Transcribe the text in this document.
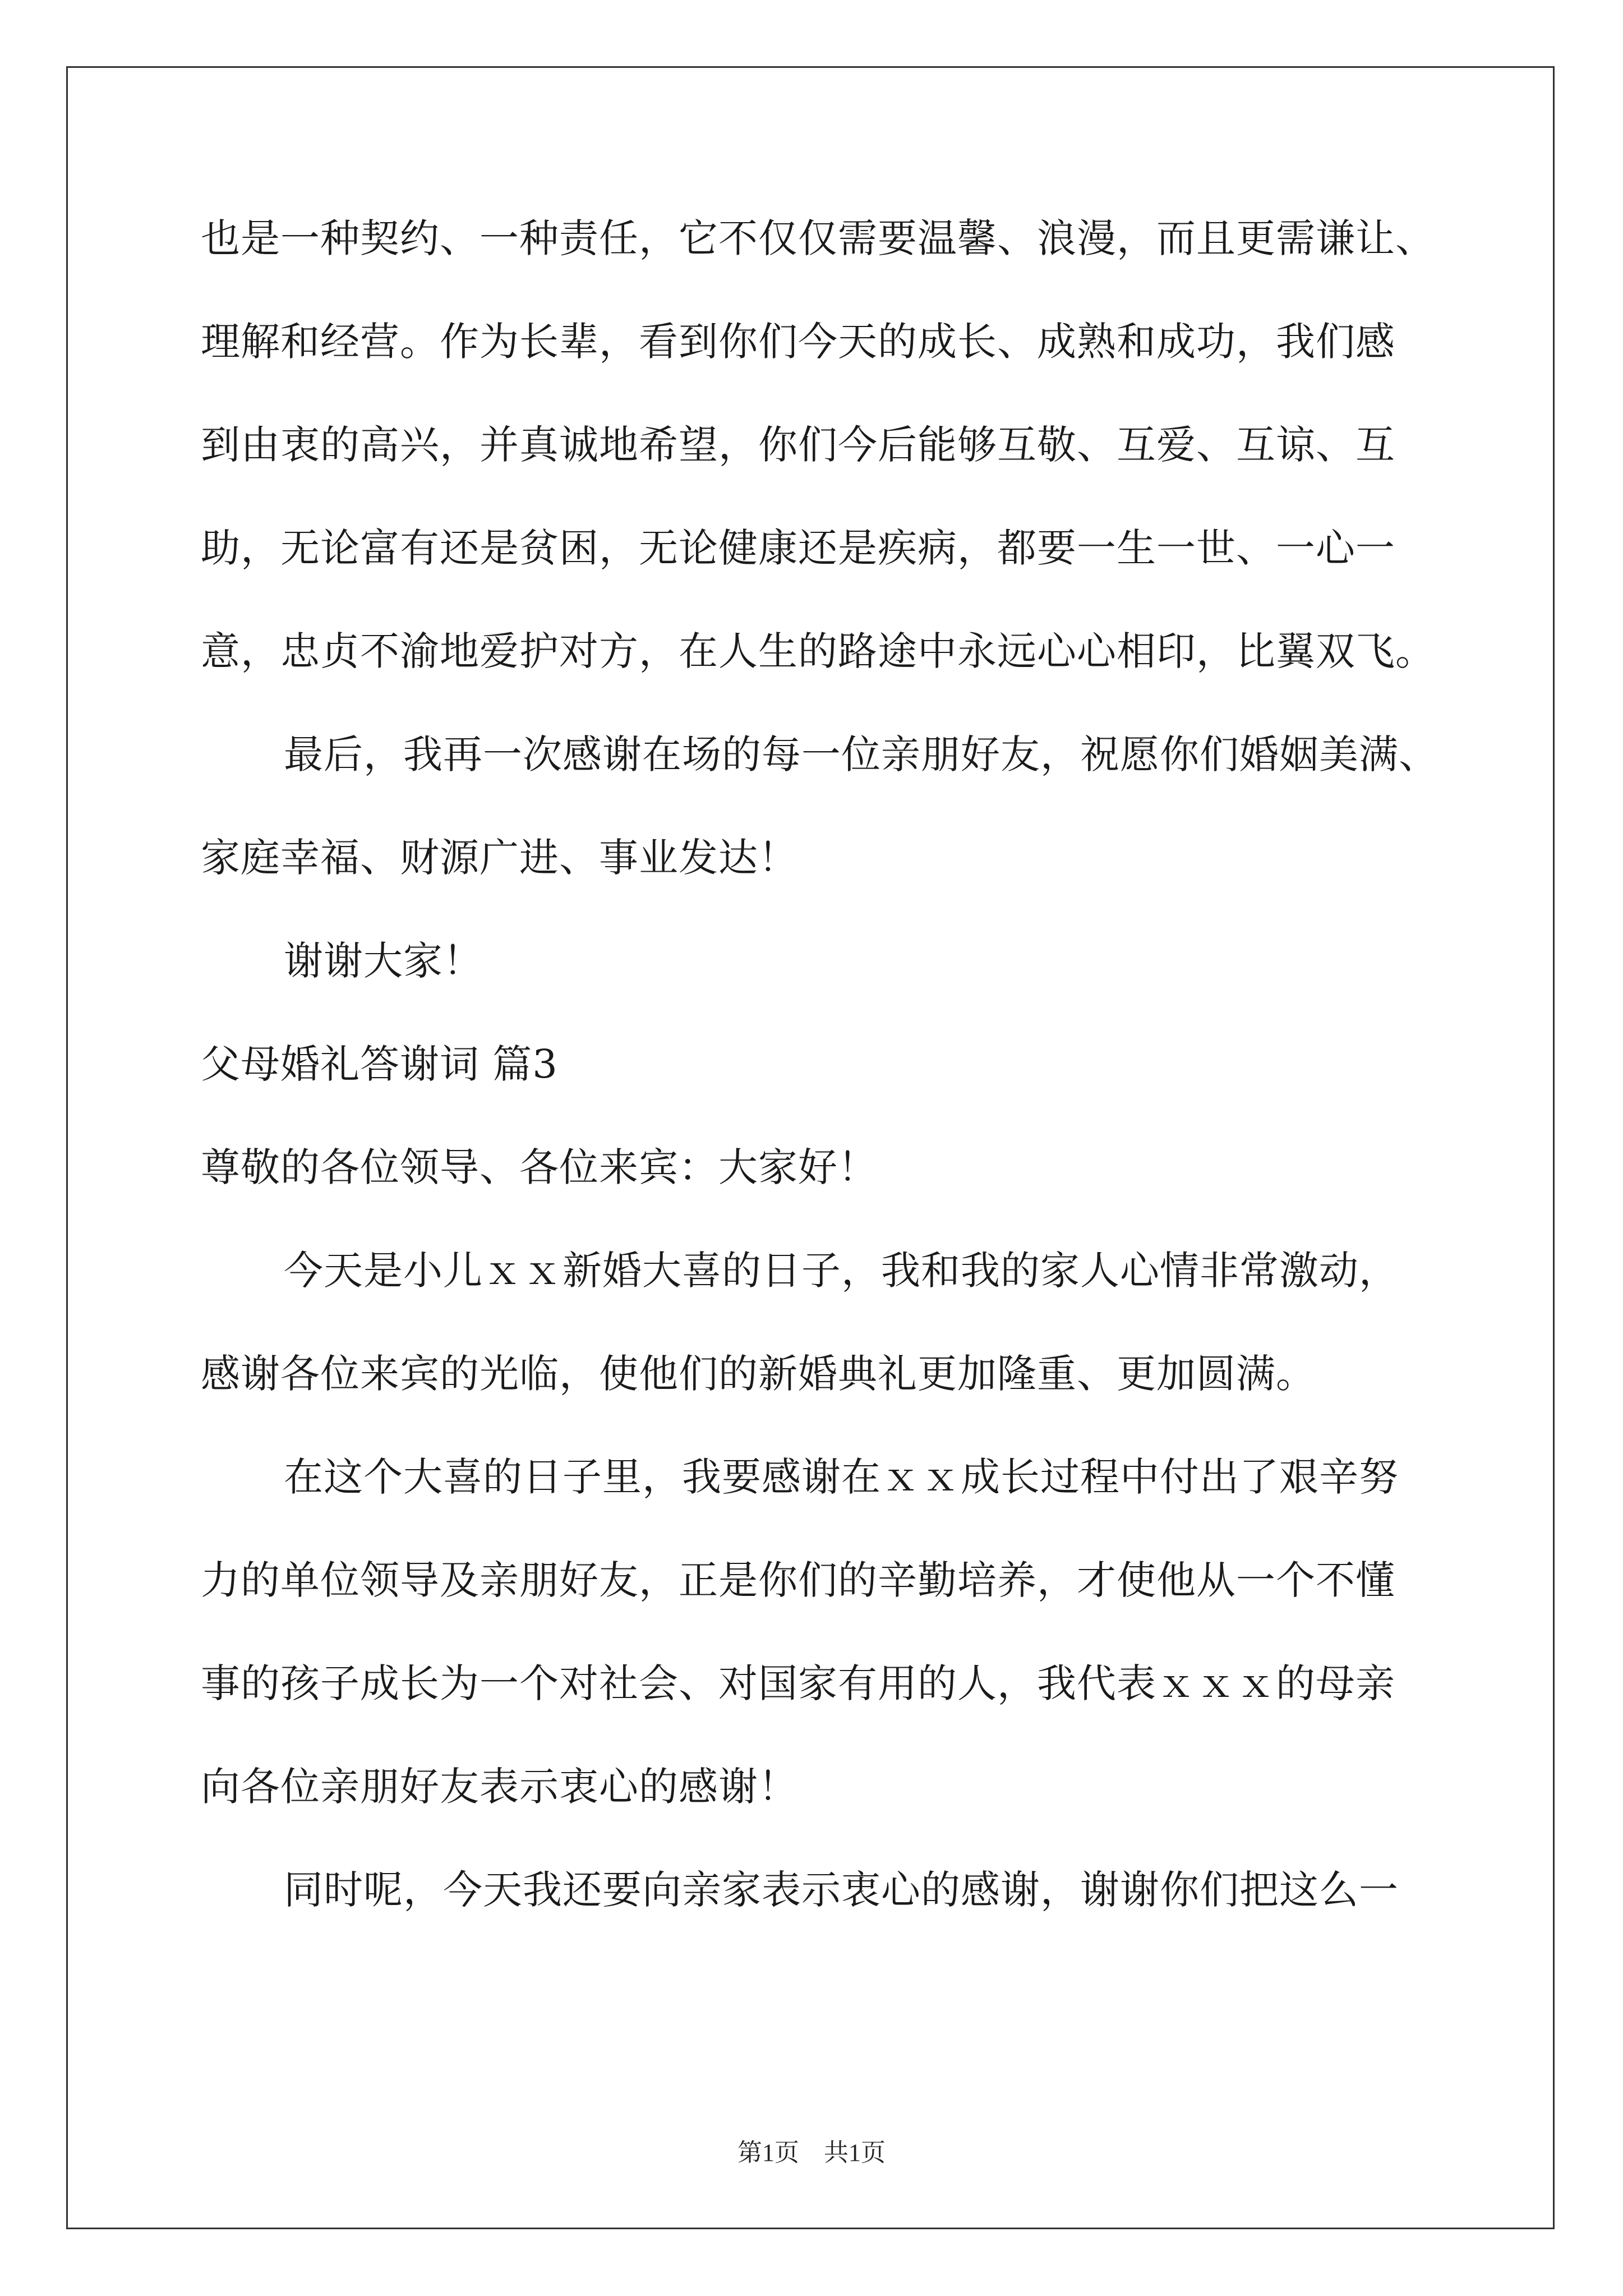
也是一种契约、一种责任，它不仅仅需要温馨、浪漫，而且更需谦让、
理解和经营。作为长辈，看到你们今天的成长、成熟和成功，我们感
到由衷的高兴，并真诚地希望，你们今后能够互敬、互爱、互谅、互
助，无论富有还是贫困，无论健康还是疾病，都要一生一世、一心一
意，忠贞不渝地爱护对方，在人生的路途中永远心心相印，比翼双飞。
最后，我再一次感谢在场的每一位亲朋好友，祝愿你们婚姻美满、
家庭幸福、财源广进、事业发达！
谢谢大家！
父母婚礼答谢词 篇3
尊敬的各位领导、各位来宾：大家好！
今天是小儿ｘｘ新婚大喜的日子，我和我的家人心情非常激动，
感谢各位来宾的光临，使他们的新婚典礼更加隆重、更加圆满。
在这个大喜的日子里，我要感谢在ｘｘ成长过程中付出了艰辛努
力的单位领导及亲朋好友，正是你们的辛勤培养，才使他从一个不懂
事的孩子成长为一个对社会、对国家有用的人，我代表ｘｘｘ的母亲
向各位亲朋好友表示衷心的感谢！
同时呢，今天我还要向亲家表示衷心的感谢，谢谢你们把这么一
第1页　共1页
